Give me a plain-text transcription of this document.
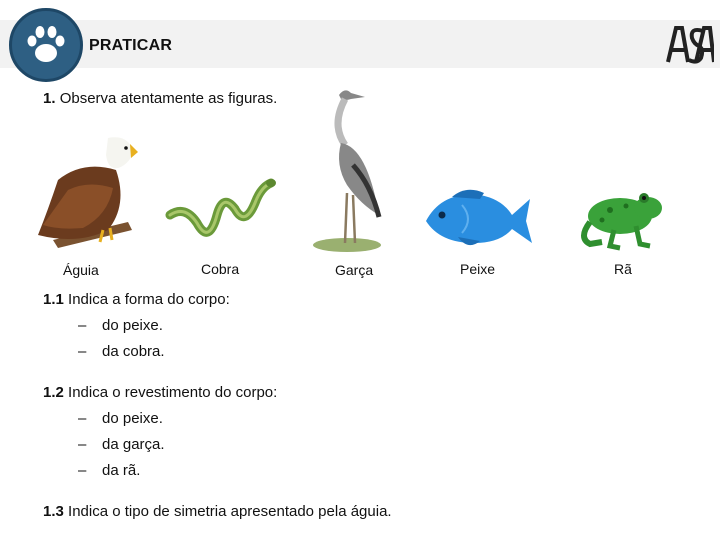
PRATICAR
1. Observa atentamente as figuras.
Águia	Cobra	Garça	Peixe	Rã
1.1 Indica a forma do corpo:
– do peixe.
– da cobra.
1.2 Indica o revestimento do corpo:
– do peixe.
– da garça.
– da rã.
1.3 Indica o tipo de simetria apresentado pela águia.
